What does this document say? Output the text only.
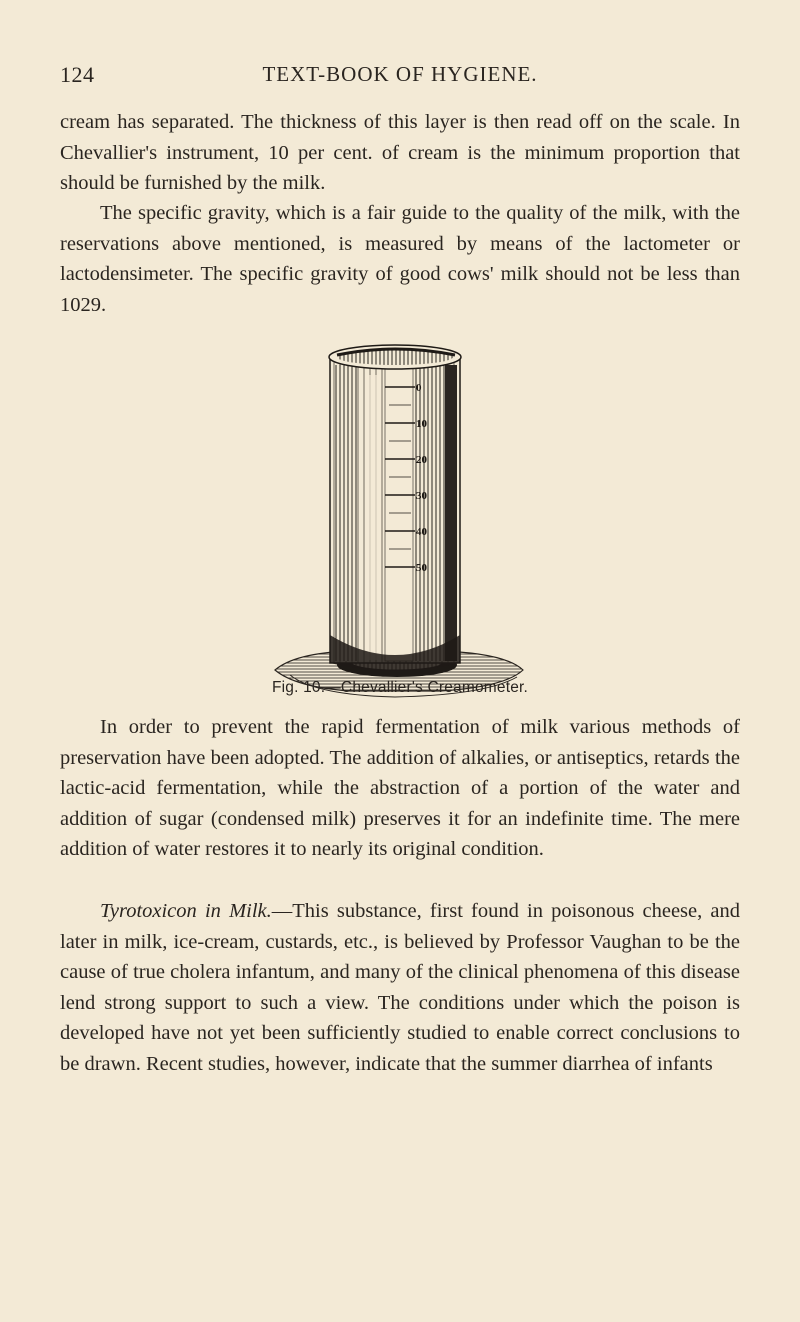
124	TEXT-BOOK OF HYGIENE.

cream has separated. The thickness of this layer is then read off on the scale. In Chevallier's instrument, 10 per cent. of cream is the minimum proportion that should be furnished by the milk.

The specific gravity, which is a fair guide to the quality of the milk, with the reservations above mentioned, is measured by means of the lactometer or lactodensimeter. The specific gravity of good cows' milk should not be less than 1029.

0
10
20
30
40
50
Fig. 10.—Chevallier's Creamometer.

In order to prevent the rapid fermentation of milk various methods of preservation have been adopted. The addition of alkalies, or antiseptics, retards the lactic-acid fermentation, while the abstraction of a portion of the water and addition of sugar (condensed milk) preserves it for an indefinite time. The mere addition of water restores it to nearly its original condition.

Tyrotoxicon in Milk.—This substance, first found in poisonous cheese, and later in milk, ice-cream, custards, etc., is believed by Professor Vaughan to be the cause of true cholera infantum, and many of the clinical phenomena of this disease lend strong support to such a view. The conditions under which the poison is developed have not yet been sufficiently studied to enable correct conclusions to be drawn. Recent studies, however, indicate that the summer diarrhea of infants
